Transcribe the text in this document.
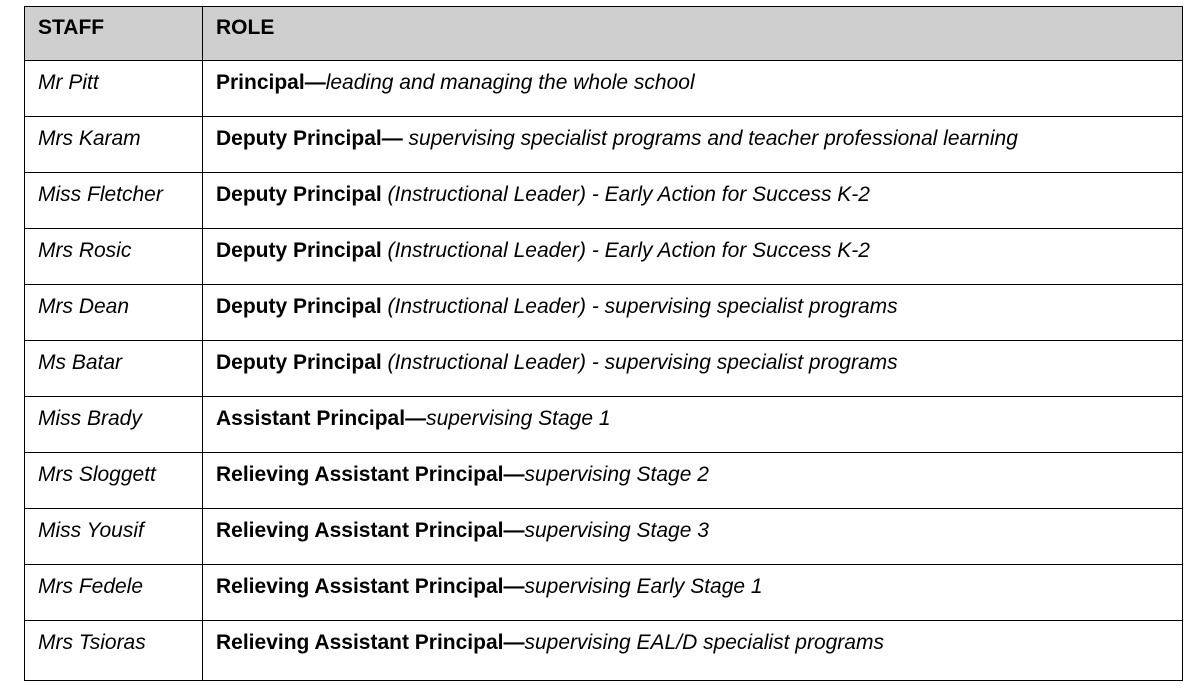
STAFF	ROLE
Mr Pitt	Principal—leading and managing the whole school
Mrs Karam	Deputy Principal— supervising specialist programs and teacher professional learning
Miss Fletcher	Deputy Principal (Instructional Leader) - Early Action for Success K-2
Mrs Rosic	Deputy Principal (Instructional Leader) - Early Action for Success K-2
Mrs Dean	Deputy Principal (Instructional Leader) - supervising specialist programs
Ms Batar	Deputy Principal (Instructional Leader) - supervising specialist programs
Miss Brady	Assistant Principal—supervising Stage 1
Mrs Sloggett	Relieving Assistant Principal—supervising Stage 2
Miss Yousif	Relieving Assistant Principal—supervising Stage 3
Mrs Fedele	Relieving Assistant Principal—supervising Early Stage 1
Mrs Tsioras	Relieving Assistant Principal—supervising EAL/D specialist programs
